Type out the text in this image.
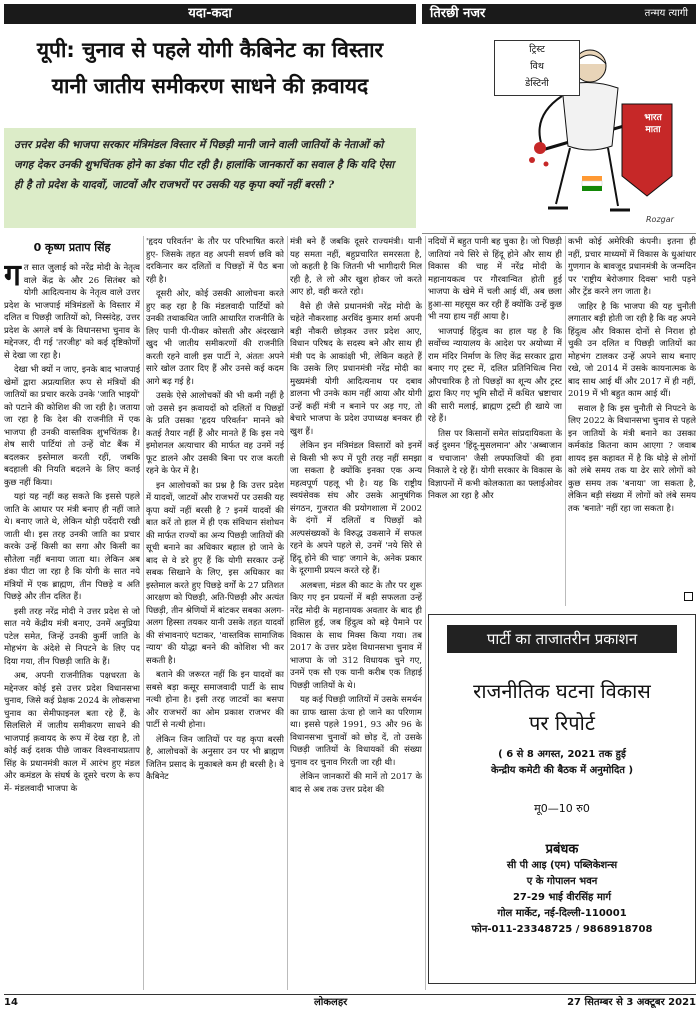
यदा-कदा	तिरछी नजर	तन्मय त्यागी
यूपी: चुनाव से पहले योगी कैबिनेट का विस्तार
यानी जातीय समीकरण साधने की क़वायद
उत्तर प्रदेश की भाजपा सरकार मंत्रिमंडल विस्तार में पिछड़ी मानी जाने वाली जातियों के नेताओं को जगह देकर उनकी शुभचिंतक होने का डंका पीट रही है। हालांकि जानकारों का सवाल है कि यदि ऐसा ही है तो प्रदेश के यादवों, जाटवों और राजभरों पर उसकी यह कृपा क्यों नहीं बरसी ?
Rozgar
ट्रिस्ट
विथ
डेस्टिनी
भारत
माता
0 कृष्ण प्रताप सिंह
ग त सात जुलाई को नरेंद्र मोदी के नेतृत्व वाले केंद्र के और 26 सितंबर को योगी आदित्यनाथ के नेतृत्व वाले उत्तर प्रदेश के भाजपाई मंत्रिमंडलों के विस्तार में दलित व पिछड़ी जातियों को, निस्संदेह, उत्तर प्रदेश के अगले वर्ष के विधानसभा चुनाव के मद्देनजर, दी गई 'तरजीह' को कई दृष्टिकोणों से देखा जा रहा है।

देखा भी क्यों न जाए, इनके बाद भाजपाई खेमों द्वारा अप्रत्याशित रूप से मंत्रियों की जातियों का प्रचार करके उनके 'जाति भाइयों' को पटाने की कोशिश की जा रही है। जताया जा रहा है कि देश की राजनीति में एक भाजपा ही उनकी वास्तविक शुभचिंतक है। शेष सारी पार्टियां तो उन्हें वोट बैंक में बदलकर इस्तेमाल करती रहीं, जबकि बदहाली की नियति बदलने के लिए कतई कुछ नहीं किया।

यहां यह नहीं कह सकते कि इससे पहले जाति के आधार पर मंत्री बनाए ही नहीं जाते थे। बनाए जाते थे, लेकिन थोड़ी पर्देदारी रखी जाती थी। इस तरह उनकी जाति का प्रचार करके उन्हें किसी का सगा और किसी का सौतेला नहीं बनाया जाता था। लेकिन अब डंका पीटा जा रहा है कि योगी के सात नये मंत्रियों में एक ब्राह्मण, तीन पिछड़े व अति पिछड़े और तीन दलित हैं।

इसी तरह नरेंद्र मोदी ने उत्तर प्रदेश से जो सात नये केंद्रीय मंत्री बनाए, उनमें अनुप्रिया पटेल समेत, जिन्हें उनकी कुर्मी जाति के मोहभंग के अंदेशे से निपटने के लिए पद दिया गया, तीन पिछड़ी जाति के हैं।

अब, अपनी राजनीतिक पक्षधरता के मद्देनजर कोई इसे उत्तर प्रदेश विधानसभा चुनाव, जिसे कई प्रेक्षक 2024 के लोकसभा चुनाव का सेमीफाइनल बता रहे हैं, के सिलसिले में जातीय समीकरण साधने की भाजपाई क़वायद के रूप में देख रहा है, तो कोई कई दशक पीछे जाकर विश्वनाथप्रताप सिंह के प्रधानमंत्री काल में आरंभ हुए मंडल और कमंडल के संघर्ष के दूसरे चरण के रूप में- मंडलवादी भाजपा के

'हृदय परिवर्तन' के तौर पर परिभाषित करते हुए- जिसके तहत वह अपनी सवर्ण छवि को दरकिनार कर दलितों व पिछड़ों में पैठ बना रही है।

दूसरी ओर, कोई उसकी आलोचना करते हुए कह रहा है कि मंडलवादी पार्टियों को उनकी तथाकथित जाति आधारित राजनीति के लिए पानी पी-पीकर कोसती और अंदरखाने खुद भी जातीय समीकरणों की राजनीति करती रहने वाली इस पार्टी ने, अंततः अपने सारे खोल उतार दिए हैं और उनसे कई कदम आगे बढ़ गई है।

उसके ऐसे आलोचकों की भी कमी नहीं है जो उससे इन क़वायदों को दलितों व पिछड़ों के प्रति उसका 'हृदय परिवर्तन' मानने को कतई तैयार नहीं हैं और मानते हैं कि इस नये इमोशनल अत्याचार की मार्फत वह उनमें नई फूट डालने और उसकी बिना पर राज करती रहने के फेर में है।

इन आलोचकों का प्रश्न है कि उत्तर प्रदेश में यादवों, जाटवों और राजभरों पर उसकी यह कृपा क्यों नहीं बरसी है ? इनमें यादवों की बात करें तो हाल में ही एक संविधान संशोधन की मार्फत राज्यों का अन्य पिछड़ी जातियों की सूची बनाने का अधिकार बहाल हो जाने के बाद से वे डरे हुए हैं कि योगी सरकार उन्हें सबक सिखाने के लिए, इस अधिकार का इस्तेमाल करते हुए पिछड़े वर्गों के 27 प्रतिशत आरक्षण को पिछड़ी, अति-पिछड़ी और अत्यंत पिछड़ी, तीन श्रेणियों में बांटकर सबका अलग-अलग हिस्सा तयकर यानी उसके तहत यादवों की संभावनाएं घटाकर, 'वास्तविक सामाजिक न्याय' की योद्धा बनने की कोशिश भी कर सकती है।

बताने की जरूरत नहीं कि इन यादवों का सबसे बड़ा कसूर समाजवादी पार्टी के साथ नत्थी होना है। इसी तरह जाटवों का बसपा और राजभरों का ओम प्रकाश राजभर की पार्टी से नत्थी होना।

लेकिन जिन जातियों पर यह कृपा बरसी है, आलोचकों के अनुसार उन पर भी ब्राह्मण जितिन प्रसाद के मुकाबले कम ही बरसी है। वे कैबिनेट

मंत्री बने हैं जबकि दूसरे राज्यमंत्री। यानी यह समता नहीं, बहुप्रचारित समरसता है, जो कहती है कि जितनी भी भागीदारी मिल रही है, ले लो और खुश होकर जो करते आए हो, वही करते रहो।

वैसे ही जैसे प्रधानमंत्री नरेंद्र मोदी के चहेते नौकरशाह अरविंद कुमार शर्मा अपनी बड़ी नौकरी छोड़कर उत्तर प्रदेश आए, विधान परिषद के सदस्य बने और साथ ही मंत्री पद के आकांक्षी भी, लेकिन कहते हैं कि उसके लिए प्रधानमंत्री नरेंद्र मोदी का मुख्यमंत्री योगी आदित्यनाथ पर दबाव डालना भी उनके काम नहीं आया और योगी उन्हें कहीं मंत्री न बनाने पर अड़ गए, तो बेचारे भाजपा के प्रदेश उपाध्यक्ष बनकर ही खुश हैं।

लेकिन इन मंत्रिमंडल विस्तारों को इनमें से किसी भी रूप में पूरी तरह नहीं समझा जा सकता है क्योंकि इनका एक अन्य महत्वपूर्ण पहलू भी है। यह कि राष्ट्रीय स्वयंसेवक संघ और उसके आनुषंगिक संगठन, गुजरात की प्रयोगशाला में 2002 के दंगों में दलितों व पिछड़ों को अल्पसंख्यकों के विरुद्ध उकसाने में सफल रहने के अपने पहले से, उनमें 'नये सिरे से हिंदू होने की चाह' जगाने के, अनेक प्रकार के दूरगामी प्रयत्न करते रहे हैं।

अलबत्ता, मंडल की काट के तौर पर शुरू किए गए इन प्रयत्नों में बड़ी सफलता उन्हें नरेंद्र मोदी के महानायक अवतार के बाद ही हासिल हुई, जब हिंदुत्व को बड़े पैमाने पर विकास के साथ मिक्स किया गया। तब 2017 के उत्तर प्रदेश विधानसभा चुनाव में भाजपा के जो 312 विधायक चुने गए, उनमें एक सौ एक यानी करीब एक तिहाई पिछड़ी जातियों के थे।

यह कई पिछड़ी जातियों में उसके समर्थन का ग्राफ खासा ऊंचा हो जाने का परिणाम था। इससे पहले 1991, 93 और 96 के विधानसभा चुनावों को छोड़ दें, तो उसके पिछड़ी जातियों के विधायकों की संख्या चुनाव दर चुनाव गिरती जा रही थी।

लेकिन जानकारों की मानें तो 2017 के बाद से अब तक उत्तर प्रदेश की

नदियों में बहुत पानी बह चुका है। जो पिछड़ी जातियां नये सिरे से हिंदू होने और साथ ही विकास की चाह में नरेंद्र मोदी के महानायकत्व पर गौरवान्वित होती हुई भाजपा के खेमे में चली आई थीं, अब छला हुआ-सा महसूस कर रही हैं क्योंकि उन्हें कुछ भी नया हाथ नहीं आया है।

भाजपाई हिंदुत्व का हाल यह है कि सर्वोच्च न्यायालय के आदेश पर अयोध्या में राम मंदिर निर्माण के लिए केंद्र सरकार द्वारा बनाए गए ट्रस्ट में, दलित प्रतिनिधित्व निरा औपचारिक है तो पिछड़ों का शून्य और ट्रस्ट द्वारा किए गए भूमि सौदों में कथित भ्रष्टाचार की सारी मलाई, ब्राह्मण ट्रस्टी ही खाये जा रहे हैं।

तिस पर किसानों समेत सांप्रदायिकता के कई दुश्मन 'हिंदू-मुसलमान' और 'अब्बाजान व चचाजान' जैसी लफ्फाजियों की हवा निकाले दे रहे हैं। योगी सरकार के विकास के विज्ञापनों में कभी कोलकाता का फ्लाईओवर निकल आ रहा है और

कभी कोई अमेरिकी कंपनी। इतना ही नहीं, प्रचार माध्यमों में विकास के धुआंधार गुणगान के बावजूद प्रधानमंत्री के जन्मदिन पर 'राष्ट्रीय बेरोजगार दिवस' भारी पड़ने और ट्रेंड करने लग जाता है।

जाहिर है कि भाजपा की यह चुनौती लगातार बड़ी होती जा रही है कि वह अपने हिंदुत्व और विकास दोनों से निराश हो चुकी उन दलित व पिछड़ी जातियों का मोहभंग टालकर उन्हें अपने साथ बनाए रखे, जो 2014 में उसके कायनात्मक के बाद साथ आई थीं और 2017 में ही नहीं, 2019 में भी बहुत काम आई थीं।

सवाल है कि इस चुनौती से निपटने के लिए 2022 के विधानसभा चुनाव से पहले इन जातियों के मंत्री बनाने का उसका कर्मकांड कितना काम आएगा ? जवाब शायद इस कहावत में है कि थोड़े से लोगों को लंबे समय तक या ढेर सारे लोगों को कुछ समय तक 'बनाया' जा सकता है, लेकिन बड़ी संख्या में लोगों को लंबे समय तक 'बनाते' नहीं रहा जा सकता है।

पार्टी का ताजातरीन प्रकाशन
राजनीतिक घटना विकास
पर रिपोर्ट
( 6 से 8 अगस्त, 2021 तक हुई
केन्द्रीय कमेटी की बैठक में अनुमोदित )
मू0—10 रु0
प्रबंधक
सी पी आइ (एम) पब्लिकेशन्स
ए के गोपालन भवन
27-29 भाई वीरसिंह मार्ग
गोल मार्केट, नई-दिल्ली-110001
फोन-011-23348725 / 9868918708
14	लोकलहर	27 सितम्बर से 3 अक्टूबर 2021
